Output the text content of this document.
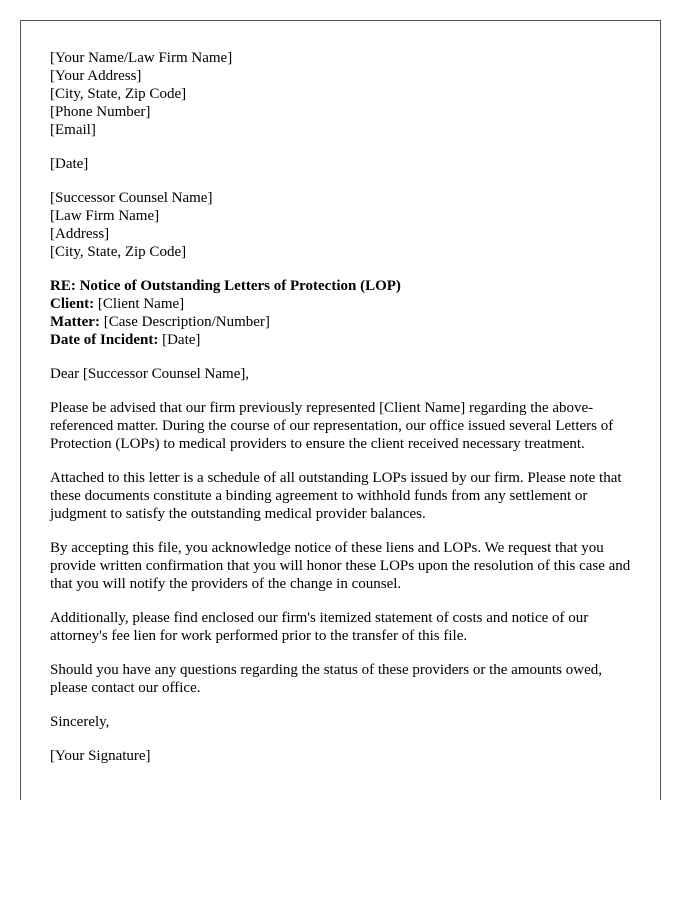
[Your Name/Law Firm Name]
[Your Address]
[City, State, Zip Code]
[Phone Number]
[Email]
[Date]
[Successor Counsel Name]
[Law Firm Name]
[Address]
[City, State, Zip Code]
RE: Notice of Outstanding Letters of Protection (LOP)
Client: [Client Name]
Matter: [Case Description/Number]
Date of Incident: [Date]

Dear [Successor Counsel Name],

Please be advised that our firm previously represented [Client Name] regarding the above-referenced matter. During the course of our representation, our office issued several Letters of Protection (LOPs) to medical providers to ensure the client received necessary treatment.

Attached to this letter is a schedule of all outstanding LOPs issued by our firm. Please note that these documents constitute a binding agreement to withhold funds from any settlement or judgment to satisfy the outstanding medical provider balances.

By accepting this file, you acknowledge notice of these liens and LOPs. We request that you provide written confirmation that you will honor these LOPs upon the resolution of this case and that you will notify the providers of the change in counsel.

Additionally, please find enclosed our firm's itemized statement of costs and notice of our attorney's fee lien for work performed prior to the transfer of this file.

Should you have any questions regarding the status of these providers or the amounts owed, please contact our office.

Sincerely,

[Your Signature]
